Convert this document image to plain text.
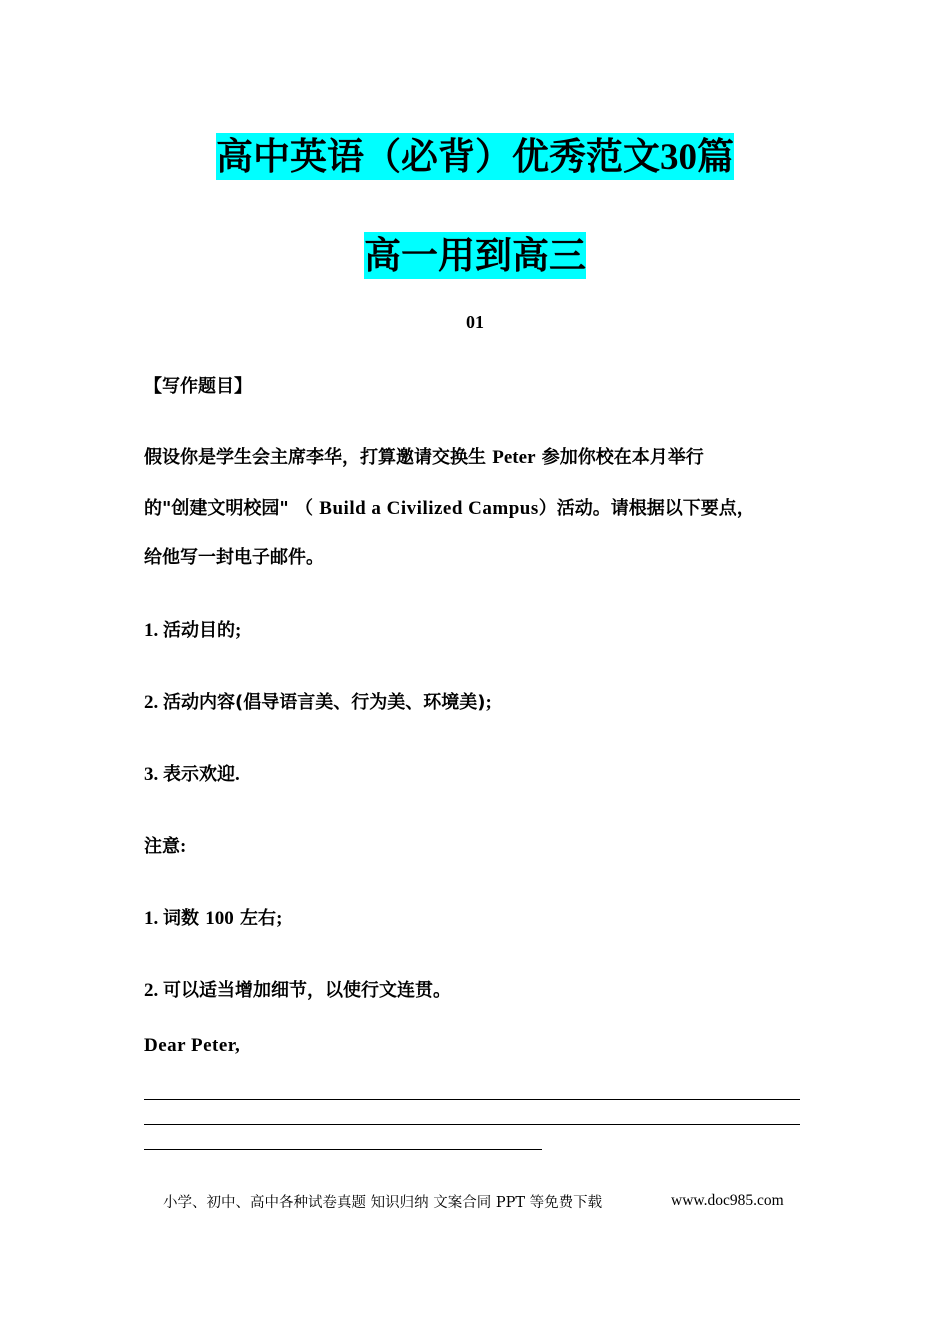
高中英语（必背）优秀范文30篇
高一用到高三
01
【写作题目】
假设你是学生会主席李华，打算邀请交换生 Peter 参加你校在本月举行
的"创建文明校园" （ Build a Civilized Campus）活动。请根据以下要点，
给他写一封电子邮件。
1. 活动目的;
2. 活动内容(倡导语言美、行为美、环境美);
3. 表示欢迎.
注意:
1. 词数 100 左右;
2. 可以适当增加细节，以使行文连贯。
Dear Peter,
小学、初中、高中各种试卷真题 知识归纳 文案合同 PPT 等免费下载	www.doc985.com
